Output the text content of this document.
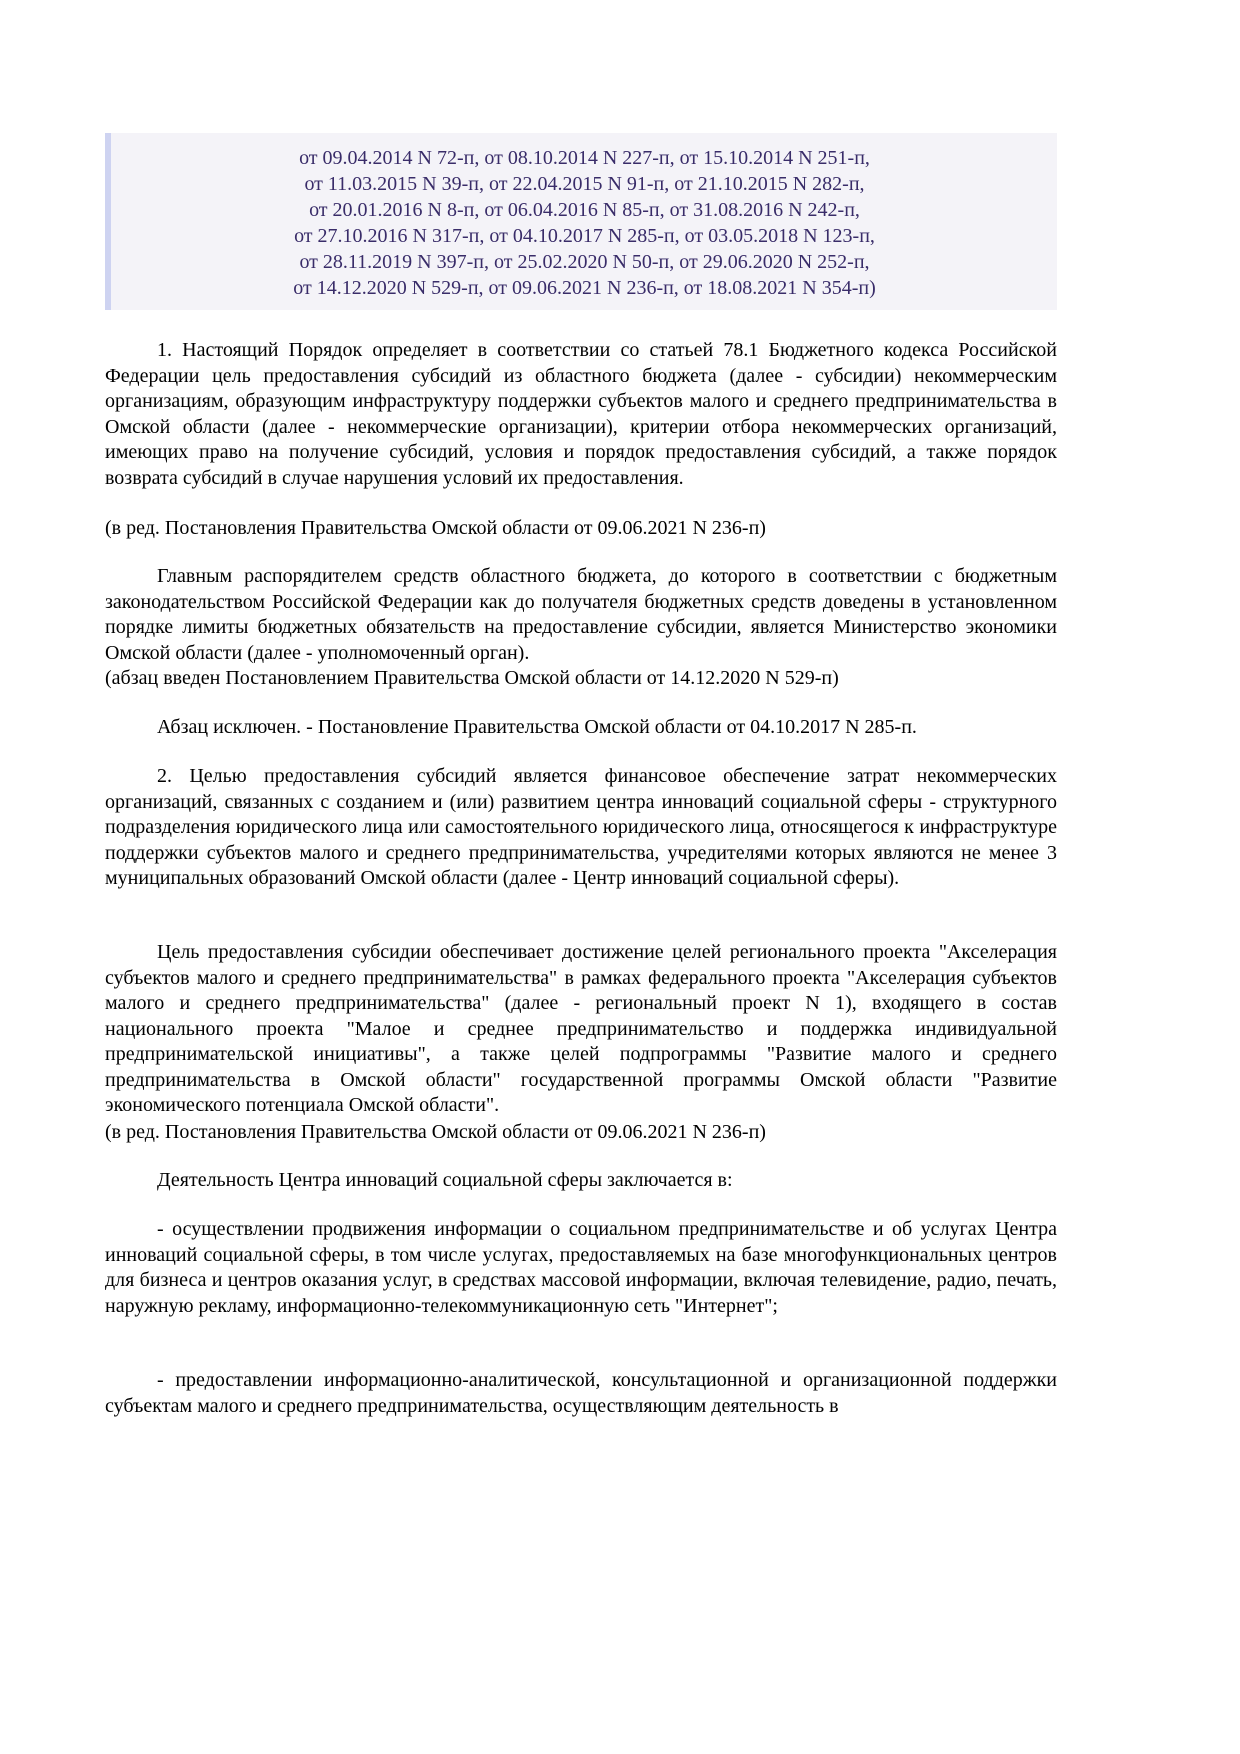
от 09.04.2014 N 72-п, от 08.10.2014 N 227-п, от 15.10.2014 N 251-п,
от 11.03.2015 N 39-п, от 22.04.2015 N 91-п, от 21.10.2015 N 282-п,
от 20.01.2016 N 8-п, от 06.04.2016 N 85-п, от 31.08.2016 N 242-п,
от 27.10.2016 N 317-п, от 04.10.2017 N 285-п, от 03.05.2018 N 123-п,
от 28.11.2019 N 397-п, от 25.02.2020 N 50-п, от 29.06.2020 N 252-п,
от 14.12.2020 N 529-п, от 09.06.2021 N 236-п, от 18.08.2021 N 354-п)
1. Настоящий Порядок определяет в соответствии со статьей 78.1 Бюджетного кодекса Российской Федерации цель предоставления субсидий из областного бюджета (далее - субсидии) некоммерческим организациям, образующим инфраструктуру поддержки субъектов малого и среднего предпринимательства в Омской области (далее - некоммерческие организации), критерии отбора некоммерческих организаций, имеющих право на получение субсидий, условия и порядок предоставления субсидий, а также порядок возврата субсидий в случае нарушения условий их предоставления.
(в ред. Постановления Правительства Омской области от 09.06.2021 N 236-п)
Главным распорядителем средств областного бюджета, до которого в соответствии с бюджетным законодательством Российской Федерации как до получателя бюджетных средств доведены в установленном порядке лимиты бюджетных обязательств на предоставление субсидии, является Министерство экономики Омской области (далее - уполномоченный орган).
(абзац введен Постановлением Правительства Омской области от 14.12.2020 N 529-п)
Абзац исключен. - Постановление Правительства Омской области от 04.10.2017 N 285-п.
2. Целью предоставления субсидий является финансовое обеспечение затрат некоммерческих организаций, связанных с созданием и (или) развитием центра инноваций социальной сферы - структурного подразделения юридического лица или самостоятельного юридического лица, относящегося к инфраструктуре поддержки субъектов малого и среднего предпринимательства, учредителями которых являются не менее 3 муниципальных образований Омской области (далее - Центр инноваций социальной сферы).
Цель предоставления субсидии обеспечивает достижение целей регионального проекта "Акселерация субъектов малого и среднего предпринимательства" в рамках федерального проекта "Акселерация субъектов малого и среднего предпринимательства" (далее - региональный проект N 1), входящего в состав национального проекта "Малое и среднее предпринимательство и поддержка индивидуальной предпринимательской инициативы", а также целей подпрограммы "Развитие малого и среднего предпринимательства в Омской области" государственной программы Омской области "Развитие экономического потенциала Омской области".
(в ред. Постановления Правительства Омской области от 09.06.2021 N 236-п)
Деятельность Центра инноваций социальной сферы заключается в:
- осуществлении продвижения информации о социальном предпринимательстве и об услугах Центра инноваций социальной сферы, в том числе услугах, предоставляемых на базе многофункциональных центров для бизнеса и центров оказания услуг, в средствах массовой информации, включая телевидение, радио, печать, наружную рекламу, информационно-телекоммуникационную сеть "Интернет";
- предоставлении информационно-аналитической, консультационной и организационной поддержки субъектам малого и среднего предпринимательства, осуществляющим деятельность в
